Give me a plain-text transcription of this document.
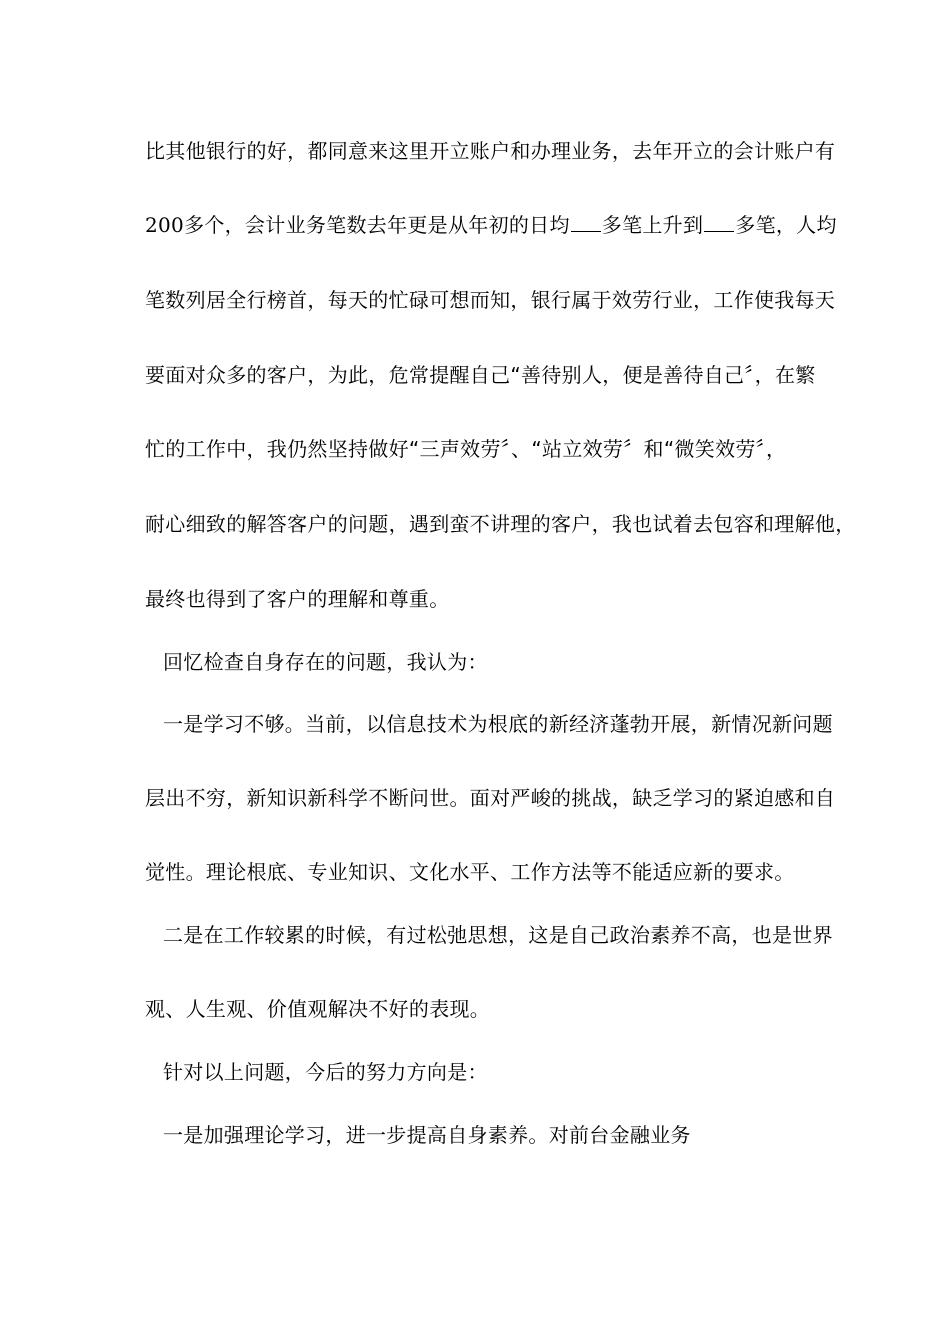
比其他银行的好，都同意来这里开立账户和办理业务，去年开立的会计账户有
200多个，会计业务笔数去年更是从年初的日均 多笔上升到 多笔，人均
笔数列居全行榜首，每天的忙碌可想而知，银行属于效劳行业，工作使我每天
要面对众多的客户，为此，危常提醒自己“善待别人，便是善待自己〞，在繁
忙的工作中，我仍然坚持做好“三声效劳〞、“站立效劳〞和“微笑效劳〞，
耐心细致的解答客户的问题，遇到蛮不讲理的客户，我也试着去包容和理解他，
最终也得到了客户的理解和尊重。
回忆检查自身存在的问题，我认为：
一是学习不够。当前，以信息技术为根底的新经济蓬勃开展，新情况新问题
层出不穷，新知识新科学不断问世。面对严峻的挑战，缺乏学习的紧迫感和自
觉性。理论根底、专业知识、文化水平、工作方法等不能适应新的要求。
二是在工作较累的时候，有过松弛思想，这是自己政治素养不高，也是世界
观、人生观、价值观解决不好的表现。
针对以上问题，今后的努力方向是：
一是加强理论学习，进一步提高自身素养。对前台金融业务
